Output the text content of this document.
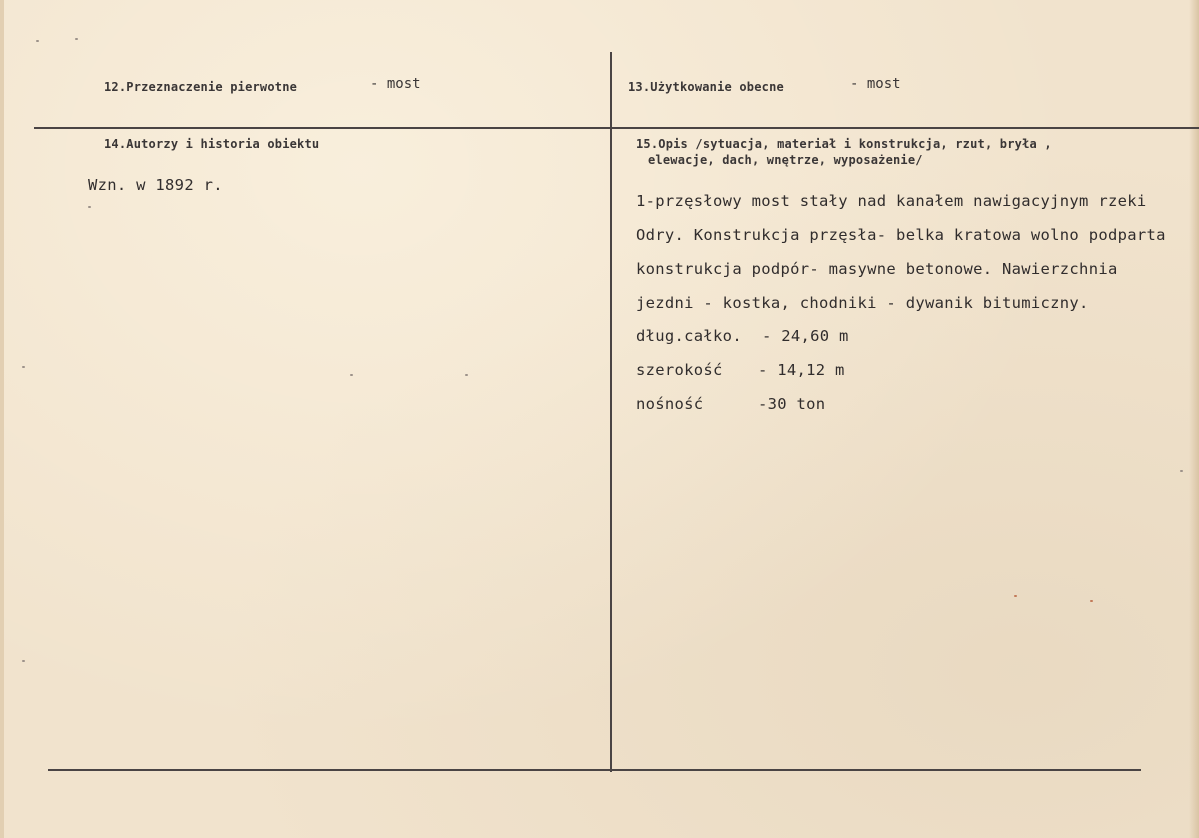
12.Przeznaczenie pierwotne	- most	13.Użytkowanie obecne	- most
14.Autorzy i historia obiektu
Wzn. w 1892 r.
15.Opis /sytuacja, materiał i konstrukcja, rzut, bryła ,
elewacje, dach, wnętrze, wyposażenie/
1-przęsłowy most stały nad kanałem nawigacyjnym rzeki
Odry. Konstrukcja przęsła- belka kratowa wolno podparta
konstrukcja podpór- masywne betonowe. Nawierzchnia
jezdni - kostka, chodniki - dywanik bitumiczny.
dług.całko. - 24,60 m
szerokość - 14,12 m
nośność	-30 ton
